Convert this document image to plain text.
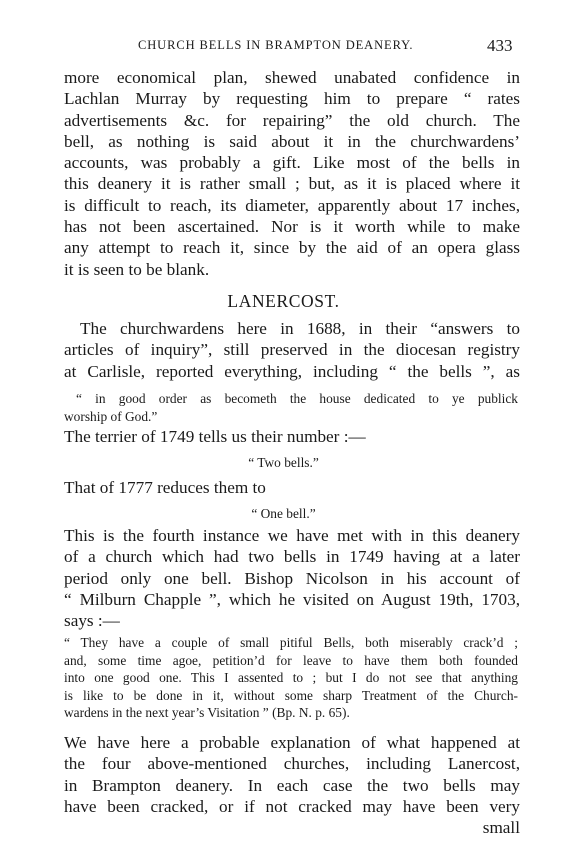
CHURCH BELLS IN BRAMPTON DEANERY.	433
more economical plan, shewed unabated confidence in
Lachlan Murray by requesting him to prepare “ rates
advertisements &c. for repairing” the old church. The
bell, as nothing is said about it in the churchwardens’
accounts, was probably a gift. Like most of the bells in
this deanery it is rather small ; but, as it is placed where it
is difficult to reach, its diameter, apparently about 17 inches,
has not been ascertained. Nor is it worth while to make
any attempt to reach it, since by the aid of an opera glass
it is seen to be blank.
LANERCOST.
The churchwardens here in 1688, in their “answers to
articles of inquiry”, still preserved in the diocesan registry
at Carlisle, reported everything, including “ the bells ”, as
“ in good order as becometh the house dedicated to ye publick
worship of God.”
The terrier of 1749 tells us their number :—
“ Two bells.”
That of 1777 reduces them to
“ One bell.”
This is the fourth instance we have met with in this deanery
of a church which had two bells in 1749 having at a later
period only one bell. Bishop Nicolson in his account of
“ Milburn Chapple ”, which he visited on August 19th, 1703,
says :—
“ They have a couple of small pitiful Bells, both miserably crack’d ;
and, some time agoe, petition’d for leave to have them both founded
into one good one. This I assented to ; but I do not see that anything
is like to be done in it, without some sharp Treatment of the Church-
wardens in the next year’s Visitation ” (Bp. N. p. 65).
We have here a probable explanation of what happened at
the four above-mentioned churches, including Lanercost,
in Brampton deanery. In each case the two bells may
have been cracked, or if not cracked may have been very
small
